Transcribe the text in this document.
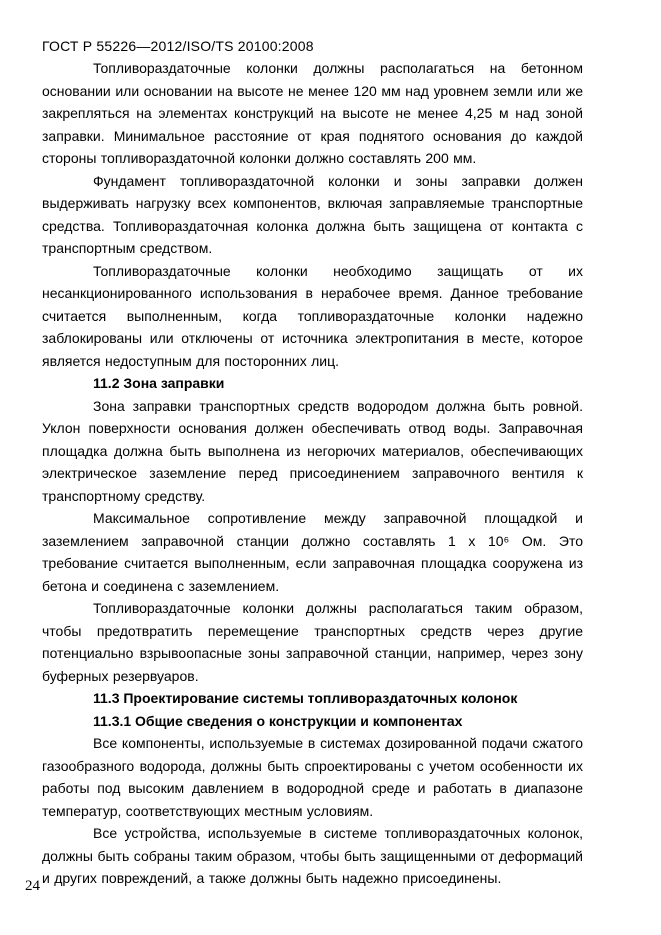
ГОСТ Р 55226—2012/ISO/TS 20100:2008

Топливораздаточные колонки должны располагаться на бетонном основании или основании на высоте не менее 120 мм над уровнем земли или же закрепляться на элементах конструкций на высоте не менее 4,25 м над зоной заправки. Минимальное расстояние от края поднятого основания до каждой стороны топливораздаточной колонки должно составлять 200 мм.

Фундамент топливораздаточной колонки и зоны заправки должен выдерживать нагрузку всех компонентов, включая заправляемые транспортные средства. Топливораздаточная колонка должна быть защищена от контакта с транспортным средством.

Топливораздаточные колонки необходимо защищать от их несанкционированного использования в нерабочее время. Данное требование считается выполненным, когда топливораздаточные колонки надежно заблокированы или отключены от источника электропитания в месте, которое является недоступным для посторонних лиц.

11.2 Зона заправки

Зона заправки транспортных средств водородом должна быть ровной. Уклон поверхности основания должен обеспечивать отвод воды. Заправочная площадка должна быть выполнена из негорючих материалов, обеспечивающих электрическое заземление перед присоединением заправочного вентиля к транспортному средству.

Максимальное сопротивление между заправочной площадкой и заземлением заправочной станции должно составлять 1 х 10⁶ Ом. Это требование считается выполненным, если заправочная площадка сооружена из бетона и соединена с заземлением.

Топливораздаточные колонки должны располагаться таким образом, чтобы предотвратить перемещение транспортных средств через другие потенциально взрывоопасные зоны заправочной станции, например, через зону буферных резервуаров.

11.3 Проектирование системы топливораздаточных колонок
11.3.1 Общие сведения о конструкции и компонентах

Все компоненты, используемые в системах дозированной подачи сжатого газообразного водорода, должны быть спроектированы с учетом особенности их работы под высоким давлением в водородной среде и работать в диапазоне температур, соответствующих местным условиям.

Все устройства, используемые в системе топливораздаточных колонок, должны быть собраны таким образом, чтобы быть защищенными от деформаций и других повреждений, а также должны быть надежно присоединены.

24
